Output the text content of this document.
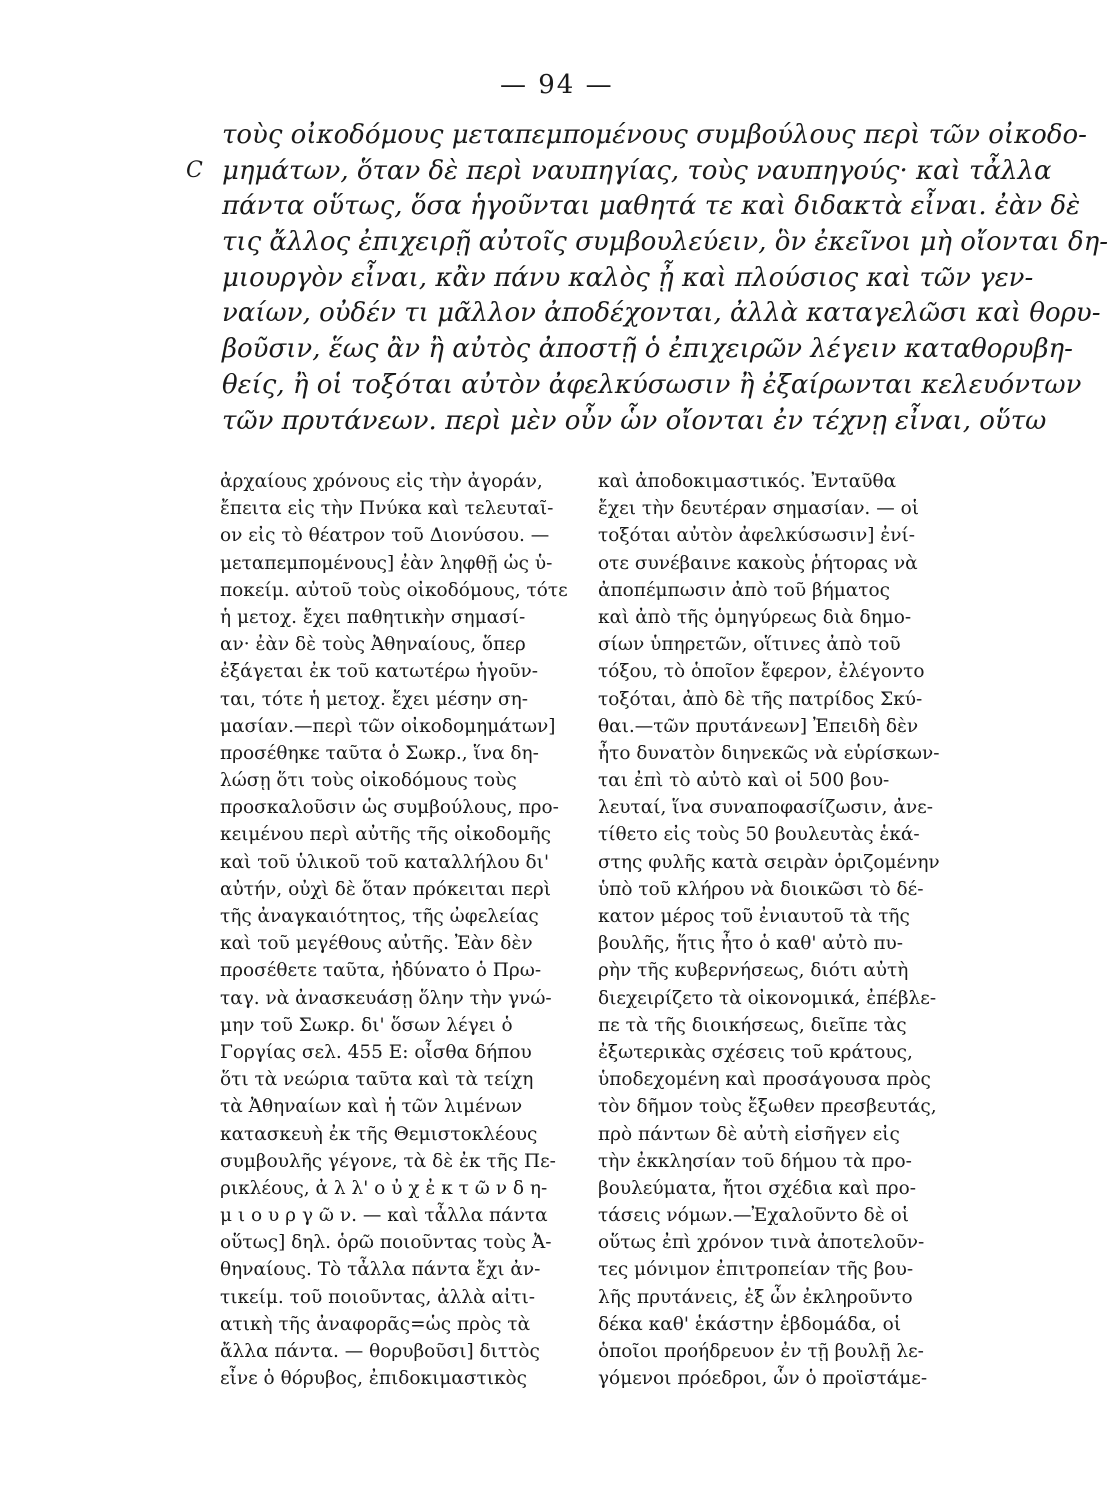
— 94 —
C
τοὺς οἰκοδόμους μεταπεμπομένους συμβούλους περὶ τῶν οἰκοδο-
μημάτων, ὅταν δὲ περὶ ναυπηγίας, τοὺς ναυπηγούς· καὶ τἆλλα
πάντα οὕτως, ὅσα ἡγοῦνται μαθητά τε καὶ διδακτὰ εἶναι. ἐὰν δὲ
τις ἄλλος ἐπιχειρῇ αὐτοῖς συμβουλεύειν, ὃν ἐκεῖνοι μὴ οἴονται δη-
μιουργὸν εἶναι, κἂν πάνυ καλὸς ᾖ καὶ πλούσιος καὶ τῶν γεν-
ναίων, οὐδέν τι μᾶλλον ἀποδέχονται, ἀλλὰ καταγελῶσι καὶ θορυ-
βοῦσιν, ἕως ἂν ἢ αὐτὸς ἀποστῇ ὁ ἐπιχειρῶν λέγειν καταθορυβη-
θείς, ἢ οἱ τοξόται αὐτὸν ἀφελκύσωσιν ἢ ἐξαίρωνται κελευόντων
τῶν πρυτάνεων. περὶ μὲν οὖν ὧν οἴονται ἐν τέχνῃ εἶναι, οὕτω
ἀρχαίους χρόνους εἰς τὴν ἀγοράν,
ἔπειτα εἰς τὴν Πνύκα καὶ τελευταῖ-
ον εἰς τὸ θέατρον τοῦ Διονύσου. —
μεταπεμπομένους] ἐὰν ληφθῇ ὡς ὑ-
ποκείμ. αὐτοῦ τοὺς οἰκοδόμους, τότε
ἡ μετοχ. ἔχει παθητικὴν σημασί-
αν· ἐὰν δὲ τοὺς Ἀθηναίους, ὅπερ
ἐξάγεται ἐκ τοῦ κατωτέρω ἡγοῦν-
ται, τότε ἡ μετοχ. ἔχει μέσην ση-
μασίαν.—περὶ τῶν οἰκοδομημάτων]
προσέθηκε ταῦτα ὁ Σωκρ., ἵνα δη-
λώσῃ ὅτι τοὺς οἰκοδόμους τοὺς
προσκαλοῦσιν ὡς συμβούλους, προ-
κειμένου περὶ αὐτῆς τῆς οἰκοδομῆς
καὶ τοῦ ὑλικοῦ τοῦ καταλλήλου δι'
αὐτήν, οὐχὶ δὲ ὅταν πρόκειται περὶ
τῆς ἀναγκαιότητος, τῆς ὠφελείας
καὶ τοῦ μεγέθους αὐτῆς. Ἐὰν δὲν
προσέθετε ταῦτα, ἠδύνατο ὁ Πρω-
ταγ. νὰ ἀνασκευάσῃ ὅλην τὴν γνώ-
μην τοῦ Σωκρ. δι' ὅσων λέγει ὁ
Γοργίας σελ. 455 Ε: οἶσθα δήπου
ὅτι τὰ νεώρια ταῦτα καὶ τὰ τείχη
τὰ Ἀθηναίων καὶ ἡ τῶν λιμένων
κατασκευὴ ἐκ τῆς Θεμιστοκλέους
συμβουλῆς γέγονε, τὰ δὲ ἐκ τῆς Πε-
ρικλέους, ἀ λ λ' ο ὐ χ ἐ κ τ ῶ ν δ η-
μ ι ο υ ρ γ ῶ ν. — καὶ τἆλλα πάντα
οὕτως] δηλ. ὁρῶ ποιοῦντας τοὺς Ἀ-
θηναίους. Τὸ τἆλλα πάντα ἔχι ἀν-
τικείμ. τοῦ ποιοῦντας, ἀλλὰ αἰτι-
ατικὴ τῆς ἀναφορᾶς=ὡς πρὸς τὰ
ἄλλα πάντα. — θορυβοῦσι] διττὸς
εἶνε ὁ θόρυβος, ἐπιδοκιμαστικὸς
καὶ ἀποδοκιμαστικός. Ἐνταῦθα
ἔχει τὴν δευτέραν σημασίαν. — οἱ
τοξόται αὐτὸν ἀφελκύσωσιν] ἐνί-
οτε συνέβαινε κακοὺς ῥήτορας νὰ
ἀποπέμπωσιν ἀπὸ τοῦ βήματος
καὶ ἀπὸ τῆς ὁμηγύρεως διὰ δημο-
σίων ὑπηρετῶν, οἵτινες ἀπὸ τοῦ
τόξου, τὸ ὁποῖον ἔφερον, ἐλέγοντο
τοξόται, ἀπὸ δὲ τῆς πατρίδος Σκύ-
θαι.—τῶν πρυτάνεων] Ἐπειδὴ δὲν
ἦτο δυνατὸν διηνεκῶς νὰ εὑρίσκων-
ται ἐπὶ τὸ αὐτὸ καὶ οἱ 500 βου-
λευταί, ἵνα συναποφασίζωσιν, ἀνε-
τίθετο εἰς τοὺς 50 βουλευτὰς ἑκά-
στης φυλῆς κατὰ σειρὰν ὁριζομένην
ὑπὸ τοῦ κλήρου νὰ διοικῶσι τὸ δέ-
κατον μέρος τοῦ ἐνιαυτοῦ τὰ τῆς
βουλῆς, ἥτις ἦτο ὁ καθ' αὐτὸ πυ-
ρὴν τῆς κυβερνήσεως, διότι αὐτὴ
διεχειρίζετο τὰ οἰκονομικά, ἐπέβλε-
πε τὰ τῆς διοικήσεως, διεῖπε τὰς
ἐξωτερικὰς σχέσεις τοῦ κράτους,
ὑποδεχομένη καὶ προσάγουσα πρὸς
τὸν δῆμον τοὺς ἔξωθεν πρεσβευτάς,
πρὸ πάντων δὲ αὐτὴ εἰσῆγεν εἰς
τὴν ἐκκλησίαν τοῦ δήμου τὰ προ-
βουλεύματα, ἤτοι σχέδια καὶ προ-
τάσεις νόμων.—Ἐχαλοῦντο δὲ οἱ
οὕτως ἐπὶ χρόνον τινὰ ἀποτελοῦν-
τες μόνιμον ἐπιτροπείαν τῆς βου-
λῆς πρυτάνεις, ἐξ ὧν ἐκληροῦντο
δέκα καθ' ἑκάστην ἑβδομάδα, οἱ
ὁποῖοι προήδρευον ἐν τῇ βουλῇ λε-
γόμενοι πρόεδροι, ὧν ὁ προϊστάμε-
